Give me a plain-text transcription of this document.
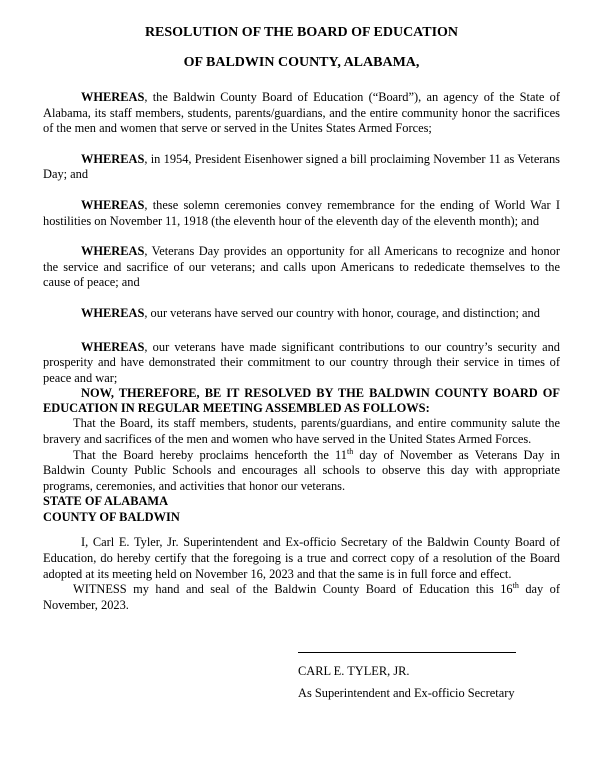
RESOLUTION OF THE BOARD OF EDUCATION

OF BALDWIN COUNTY, ALABAMA,

WHEREAS, the Baldwin County Board of Education (“Board”), an agency of the State of Alabama, its staff members, students, parents/guardians, and the entire community honor the sacrifices of the men and women that serve or served in the Unites States Armed Forces;

WHEREAS, in 1954, President Eisenhower signed a bill proclaiming November 11 as Veterans Day; and

WHEREAS, these solemn ceremonies convey remembrance for the ending of World War I hostilities on November 11, 1918 (the eleventh hour of the eleventh day of the eleventh month); and

WHEREAS, Veterans Day provides an opportunity for all Americans to recognize and honor the service and sacrifice of our veterans; and calls upon Americans to rededicate themselves to the cause of peace; and

WHEREAS, our veterans have served our country with honor, courage, and distinction; and

WHEREAS, our veterans have made significant contributions to our country’s security and prosperity and have demonstrated their commitment to our country through their service in times of peace and war;

NOW, THEREFORE, BE IT RESOLVED BY THE BALDWIN COUNTY BOARD OF EDUCATION IN REGULAR MEETING ASSEMBLED AS FOLLOWS:

That the Board, its staff members, students, parents/guardians, and entire community salute the bravery and sacrifices of the men and women who have served in the United States Armed Forces.

That the Board hereby proclaims henceforth the 11th day of November as Veterans Day in Baldwin County Public Schools and encourages all schools to observe this day with appropriate programs, ceremonies, and activities that honor our veterans.

STATE OF ALABAMA

COUNTY OF BALDWIN

I, Carl E. Tyler, Jr. Superintendent and Ex-officio Secretary of the Baldwin County Board of Education, do hereby certify that the foregoing is a true and correct copy of a resolution of the Board adopted at its meeting held on November 16, 2023 and that the same is in full force and effect.

WITNESS my hand and seal of the Baldwin County Board of Education this 16th day of November, 2023.

CARL E. TYLER, JR.
As Superintendent and Ex-officio Secretary
